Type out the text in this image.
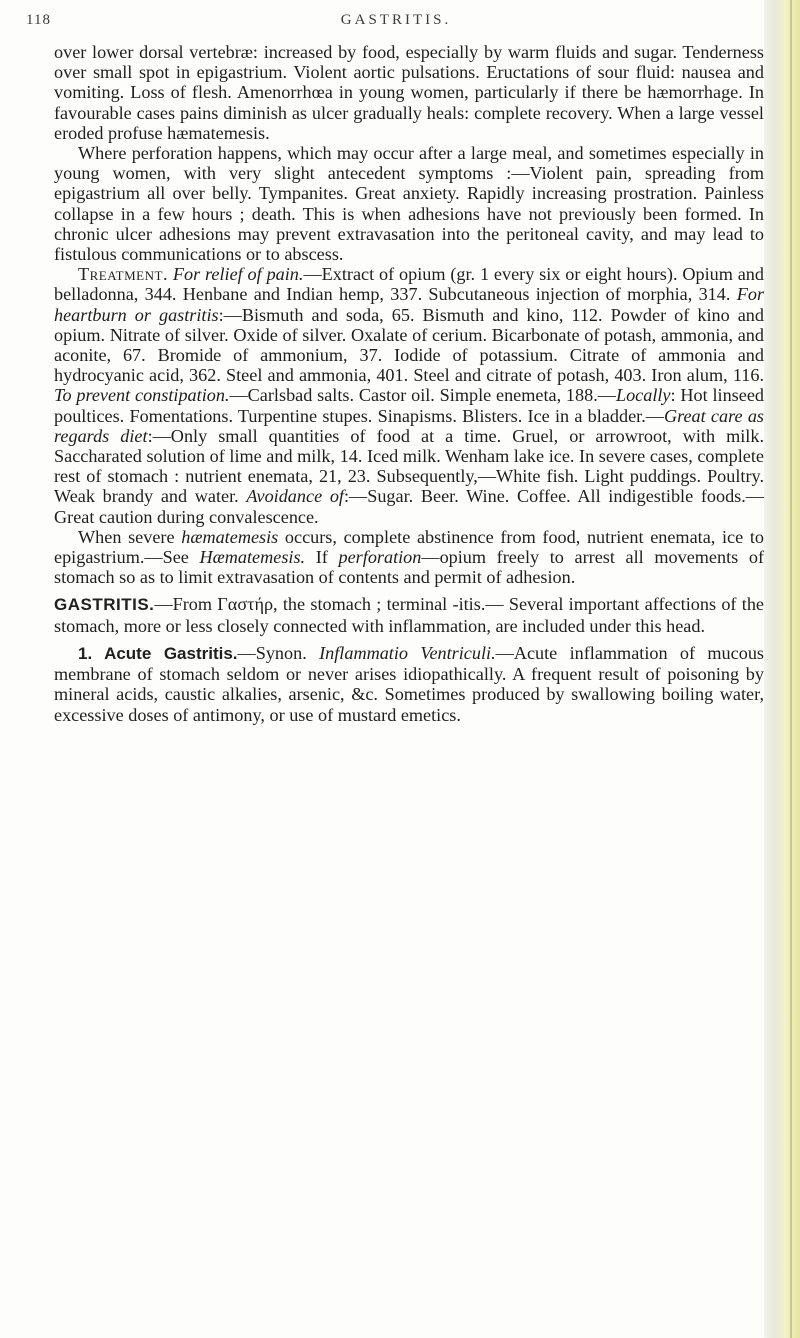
118	GASTRITIS.

over lower dorsal vertebræ: increased by food, especially by warm fluids and sugar. Tenderness over small spot in epigastrium. Violent aortic pulsations. Eructations of sour fluid: nausea and vomiting. Loss of flesh. Amenorrhœa in young women, particularly if there be hæmorrhage. In favourable cases pains diminish as ulcer gradually heals: complete recovery. When a large vessel eroded profuse hæmatemesis.

Where perforation happens, which may occur after a large meal, and sometimes especially in young women, with very slight antecedent symptoms :—Violent pain, spreading from epigastrium all over belly. Tympanites. Great anxiety. Rapidly increasing prostration. Painless collapse in a few hours ; death. This is when adhesions have not previously been formed. In chronic ulcer adhesions may prevent extravasation into the peritoneal cavity, and may lead to fistulous communications or to abscess.

Treatment. For relief of pain.—Extract of opium (gr. 1 every six or eight hours). Opium and belladonna, 344. Henbane and Indian hemp, 337. Subcutaneous injection of morphia, 314. For heartburn or gastritis:—Bismuth and soda, 65. Bismuth and kino, 112. Powder of kino and opium. Nitrate of silver. Oxide of silver. Oxalate of cerium. Bicarbonate of potash, ammonia, and aconite, 67. Bromide of ammonium, 37. Iodide of potassium. Citrate of ammonia and hydrocyanic acid, 362. Steel and ammonia, 401. Steel and citrate of potash, 403. Iron alum, 116. To prevent constipation.—Carlsbad salts. Castor oil. Simple enemeta, 188.—Locally: Hot linseed poultices. Fomentations. Turpentine stupes. Sinapisms. Blisters. Ice in a bladder.—Great care as regards diet:—Only small quantities of food at a time. Gruel, or arrowroot, with milk. Saccharated solution of lime and milk, 14. Iced milk. Wenham lake ice. In severe cases, complete rest of stomach : nutrient enemata, 21, 23. Subsequently,—White fish. Light puddings. Poultry. Weak brandy and water. Avoidance of:—Sugar. Beer. Wine. Coffee. All indigestible foods.—Great caution during convalescence.

When severe hæmatemesis occurs, complete abstinence from food, nutrient enemata, ice to epigastrium.—See Hæmatemesis. If perforation—opium freely to arrest all movements of stomach so as to limit extravasation of contents and permit of adhesion.

GASTRITIS.—From Γαστήρ, the stomach ; terminal -itis.— Several important affections of the stomach, more or less closely connected with inflammation, are included under this head.

1. Acute Gastritis.—Synon. Inflammatio Ventriculi.—Acute inflammation of mucous membrane of stomach seldom or never arises idiopathically. A frequent result of poisoning by mineral acids, caustic alkalies, arsenic, &c. Sometimes produced by swallowing boiling water, excessive doses of antimony, or use of mustard emetics.
